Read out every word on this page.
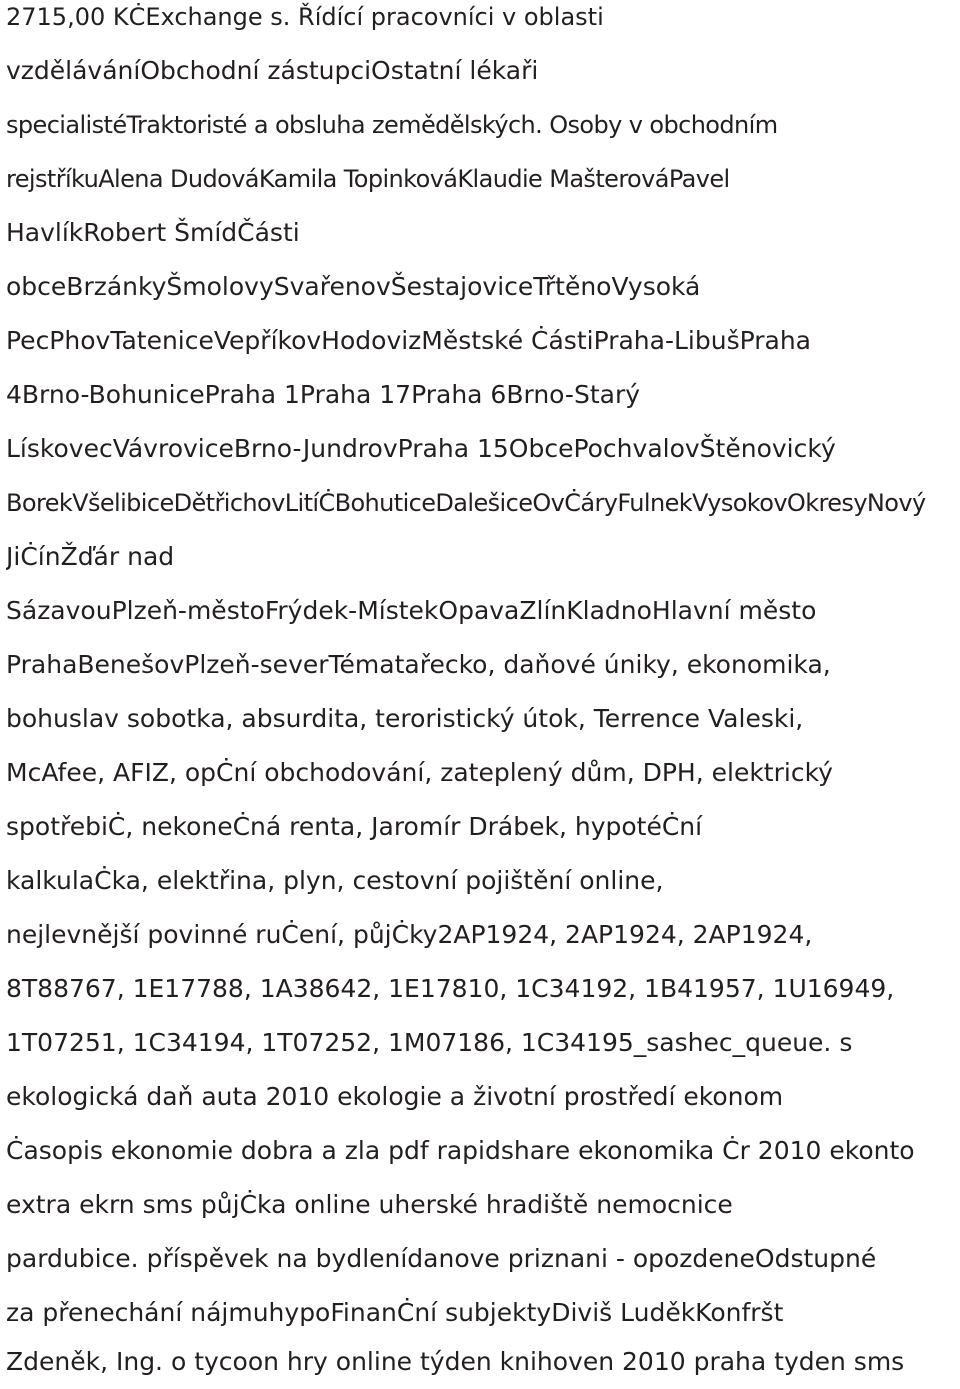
2715,00 KĊExchange s. Řídící pracovníci v oblasti
vzděláváníObchodní zástupciOstatní lékaři
specialistéTraktoristé a obsluha zemědělských. Osoby v obchodním
rejstříkuAlena DudováKamila TopinkováKlaudie MašterováPavel
HavlíkRobert ŠmídČásti
obceBrzánkyŠmolovySvařenovŠestajoviceTřtěnoVysoká
PecPhovTateniceVepříkovHodovizMěstské ĊástiPraha-LibušPraha
4Brno-BohunicePraha 1Praha 17Praha 6Brno-Starý
LískovecVávroviceBrno-JundrovPraha 15ObcePochvalovŠtěnovický
BorekVšelibiceDětřichovLitíĊBohuticeDalešiceOvĊáryFulnekVysokovOkresyNový
JiĊínŽďár nad
SázavouPlzeň-městoFrýdek-MístekOpavaZlínKladnoHlavní město
PrahaBenešovPlzeň-severTématařecko, daňové úniky, ekonomika,
bohuslav sobotka, absurdita, teroristický útok, Terrence Valeski,
McAfee, AFIZ, opĊní obchodování, zateplený dům, DPH, elektrický
spotřebiĊ, nekoneĊná renta, Jaromír Drábek, hypotéĊní
kalkulaĊka, elektřina, plyn, cestovní pojištění online,
nejlevnější povinné ruĊení, půjĊky2AP1924, 2AP1924, 2AP1924,
8T88767, 1E17788, 1A38642, 1E17810, 1C34192, 1B41957, 1U16949,
1T07251, 1C34194, 1T07252, 1M07186, 1C34195_sashec_queue. s
ekologická daň auta 2010 ekologie a životní prostředí ekonom
Ċasopis ekonomie dobra a zla pdf rapidshare ekonomika Ċr 2010 ekonto
extra ekrn sms půjĊka online uherské hradiště nemocnice
pardubice. příspěvek na bydlenídanove priznani - opozdeneOdstupné
za přenechání nájmuhypoFinanĊní subjektyDiviš LuděkKonfršt
Zdeněk, Ing. o tycoon hry online týden knihoven 2010 praha tyden sms
